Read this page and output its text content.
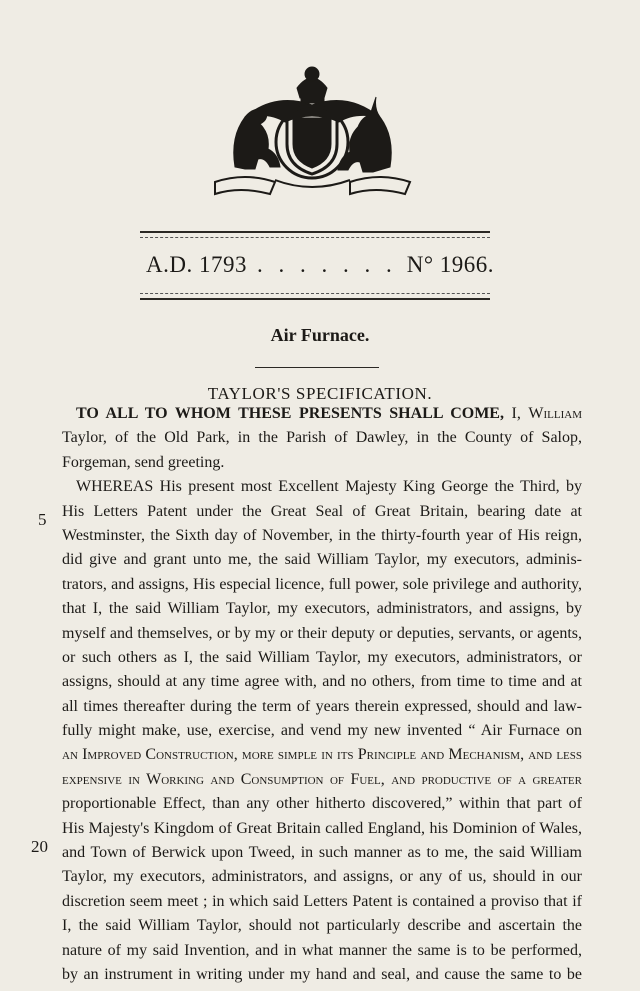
A.D. 1793 . . . . . . . N° 1966.
Air Furnace.
TAYLOR'S SPECIFICATION.
5
20
TO ALL TO WHOM THESE PRESENTS SHALL COME, I, William
Taylor, of the Old Park, in the Parish of Dawley, in the County of Salop,
Forgeman, send greeting.
WHEREAS His present most Excellent Majesty King George the Third, by
His Letters Patent under the Great Seal of Great Britain, bearing date at
Westminster, the Sixth day of November, in the thirty-fourth year of His reign,
did give and grant unto me, the said William Taylor, my executors, adminis-
trators, and assigns, His especial licence, full power, sole privilege and authority,
that I, the said William Taylor, my executors, administrators, and assigns, by
myself and themselves, or by my or their deputy or deputies, servants, or agents,
or such others as I, the said William Taylor, my executors, administrators, or
assigns, should at any time agree with, and no others, from time to time and at
all times thereafter during the term of years therein expressed, should and law-
fully might make, use, exercise, and vend my new invented “ Air Furnace on
an Improved Construction, more simple in its Principle and Mechanism, and less
expensive in Working and Consumption of Fuel, and productive of a greater
proportionable Effect, than any other hitherto discovered,” within that part of
His Majesty's Kingdom of Great Britain called England, his Dominion of Wales,
and Town of Berwick upon Tweed, in such manner as to me, the said William
Taylor, my executors, administrators, and assigns, or any of us, should in our
discretion seem meet ; in which said Letters Patent is contained a proviso that if
I, the said William Taylor, should not particularly describe and ascertain the
nature of my said Invention, and in what manner the same is to be performed,
by an instrument in writing under my hand and seal, and cause the same to be
